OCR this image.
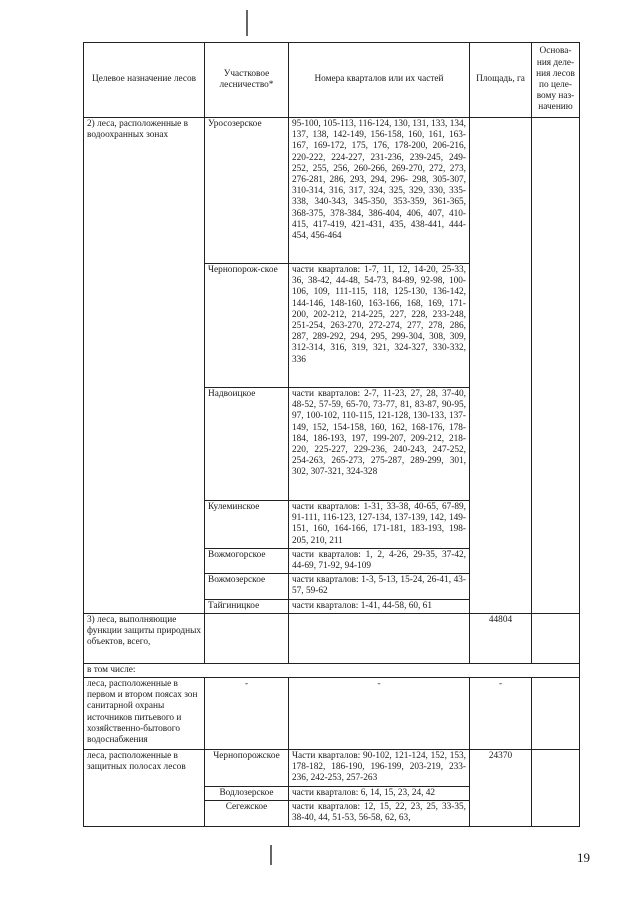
Целевое назначение лесов	Участковое лесничество*	Номера кварталов или их частей	Площадь, га	Основа-ния деле-ния лесов по целе-вому наз-начению
2) леса, расположенные в водоохранных зонах	Уросозерское	95-100, 105-113, 116-124, 130, 131, 133, 134, 137, 138, 142-149, 156-158, 160, 161, 163-167, 169-172, 175, 176, 178-200, 206-216, 220-222, 224-227, 231-236, 239-245, 249-252, 255, 256, 260-266, 269-270, 272, 273, 276-281, 286, 293, 294, 296- 298, 305-307, 310-314, 316, 317, 324, 325, 329, 330, 335-338, 340-343, 345-350, 353-359, 361-365, 368-375, 378-384, 386-404, 406, 407, 410-415, 417-419, 421-431, 435, 438-441, 444-454, 456-464		
	Чернопорож-ское	части кварталов: 1-7, 11, 12, 14-20, 25-33, 36, 38-42, 44-48, 54-73, 84-89, 92-98, 100-106, 109, 111-115, 118, 125-130, 136-142, 144-146, 148-160, 163-166, 168, 169, 171-200, 202-212, 214-225, 227, 228, 233-248, 251-254, 263-270, 272-274, 277, 278, 286, 287, 289-292, 294, 295, 299-304, 308, 309, 312-314, 316, 319, 321, 324-327, 330-332, 336		
	Надвоицкое	части кварталов: 2-7, 11-23, 27, 28, 37-40, 48-52, 57-59, 65-70, 73-77, 81, 83-87, 90-95, 97, 100-102, 110-115, 121-128, 130-133, 137-149, 152, 154-158, 160, 162, 168-176, 178-184, 186-193, 197, 199-207, 209-212, 218-220, 225-227, 229-236, 240-243, 247-252, 254-263, 265-273, 275-287, 289-299, 301, 302, 307-321, 324-328		
	Кулеминское	части кварталов: 1-31, 33-38, 40-65, 67-89, 91-111, 116-123, 127-134, 137-139, 142, 149-151, 160, 164-166, 171-181, 183-193, 198-205, 210, 211		
	Вожмогорское	части кварталов: 1, 2, 4-26, 29-35, 37-42, 44-69, 71-92, 94-109		
	Вожмозерское	части кварталов: 1-3, 5-13, 15-24, 26-41, 43-57, 59-62		
	Тайгиницкое	части кварталов: 1-41, 44-58, 60, 61		
3) леса, выполняющие функции защиты природных объектов, всего,			44804	
в том числе:				
леса, расположенные в первом и втором поясах зон санитарной охраны источников питьевого и хозяйственно-бытового водоснабжения	-	-	-	
леса, расположенные в защитных полосах лесов	Чернопорожское	Части кварталов: 90-102, 121-124, 152, 153, 178-182, 186-190, 196-199, 203-219, 233-236, 242-253, 257-263	24370	
	Водлозерское	части кварталов: 6, 14, 15, 23, 24, 42		
	Сегежское	части кварталов: 12, 15, 22, 23, 25, 33-35, 38-40, 44, 51-53, 56-58, 62, 63,		
19
